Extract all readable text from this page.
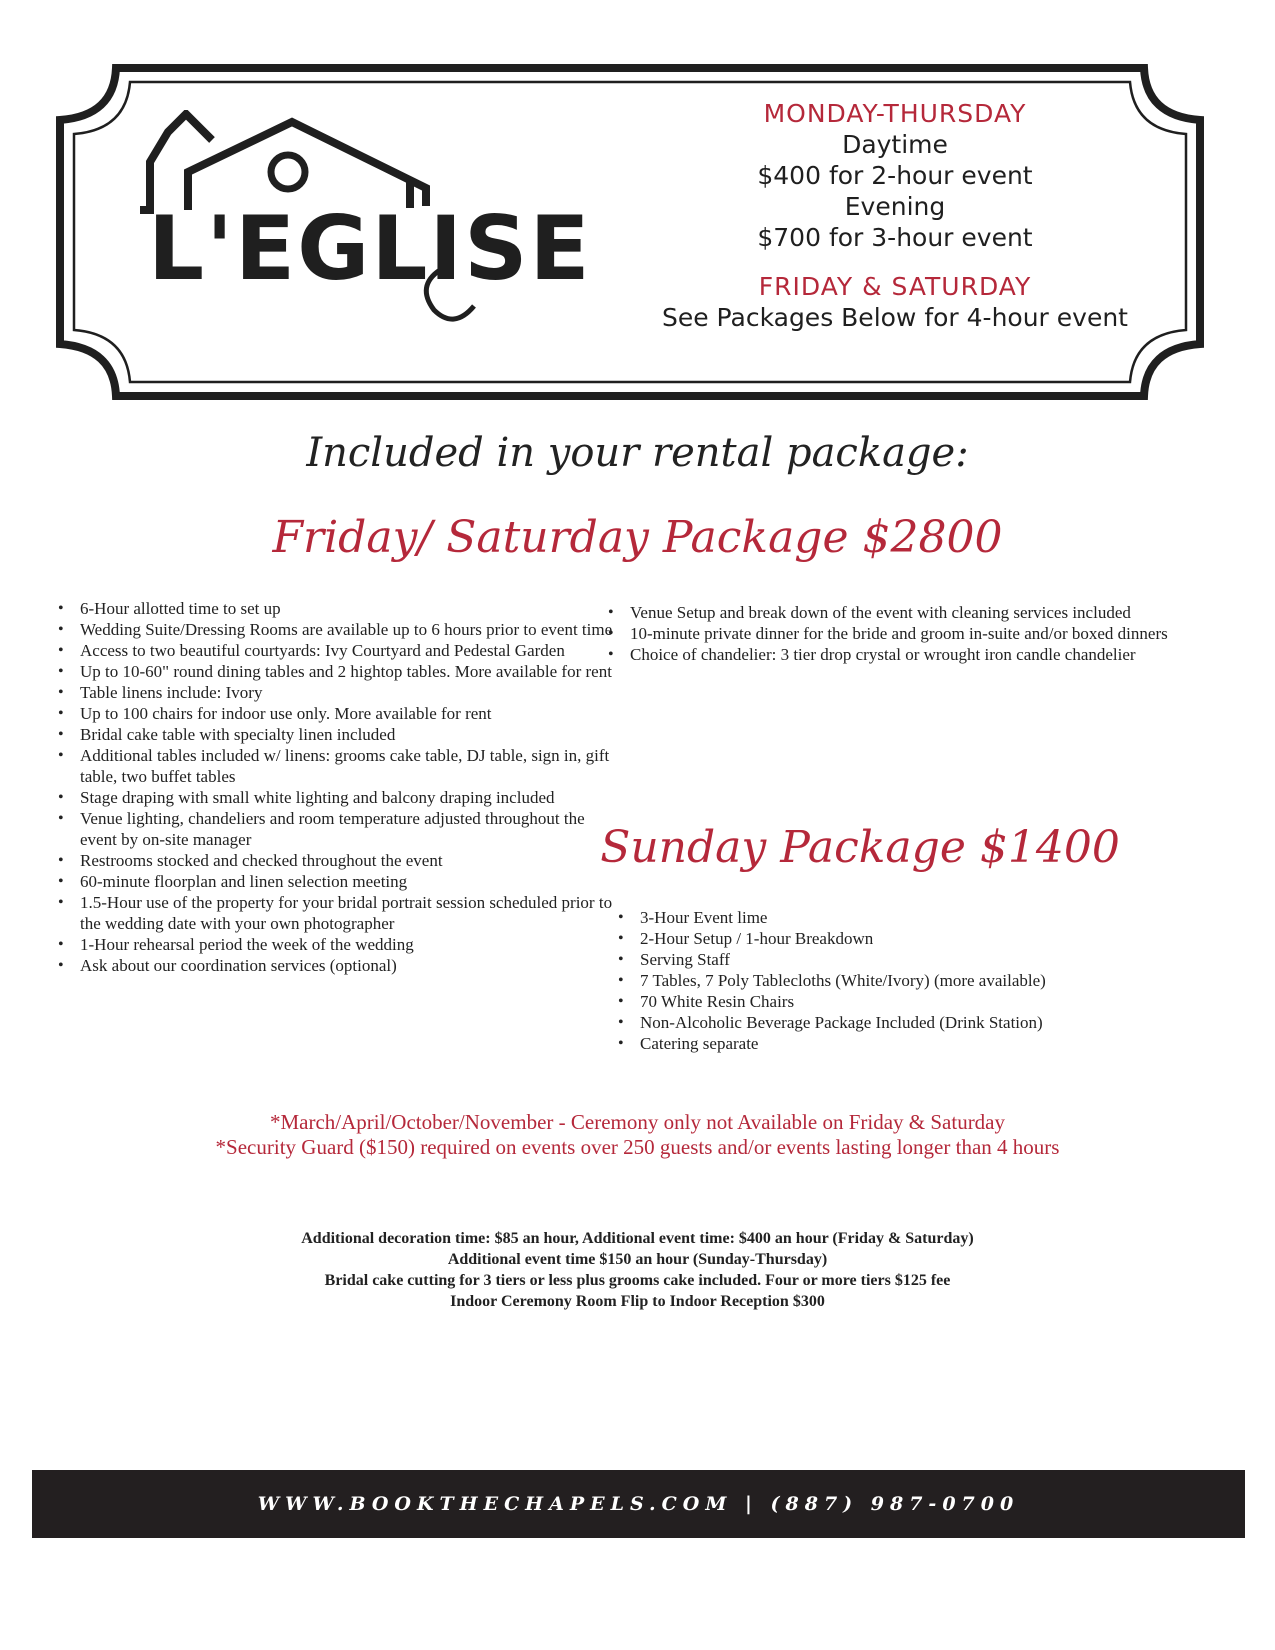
L'EGLISE
MONDAY-THURSDAY
Daytime
$400 for 2-hour event
Evening
$700 for 3-hour event
FRIDAY & SATURDAY
See Packages Below for 4-hour event
Included in your rental package:
Friday/ Saturday Package $2800
• 6-Hour allotted time to set up
• Wedding Suite/Dressing Rooms are available up to 6 hours prior to event time
• Access to two beautiful courtyards: Ivy Courtyard and Pedestal Garden
• Up to 10-60" round dining tables and 2 hightop tables. More available for rent
• Table linens include: Ivory
• Up to 100 chairs for indoor use only. More available for rent
• Bridal cake table with specialty linen included
• Additional tables included w/ linens: grooms cake table, DJ table, sign in, gift table, two buffet tables
• Stage draping with small white lighting and balcony draping included
• Venue lighting, chandeliers and room temperature adjusted throughout the event by on-site manager
• Restrooms stocked and checked throughout the event
• 60-minute floorplan and linen selection meeting
• 1.5-Hour use of the property for your bridal portrait session scheduled prior to the wedding date with your own photographer
• 1-Hour rehearsal period the week of the wedding
• Ask about our coordination services (optional)
• Venue Setup and break down of the event with cleaning services included
• 10-minute private dinner for the bride and groom in-suite and/or boxed dinners
• Choice of chandelier: 3 tier drop crystal or wrought iron candle chandelier
Sunday Package $1400
• 3-Hour Event lime
• 2-Hour Setup / 1-hour Breakdown
• Serving Staff
• 7 Tables, 7 Poly Tablecloths (White/Ivory) (more available)
• 70 White Resin Chairs
• Non-Alcoholic Beverage Package Included (Drink Station)
• Catering separate
*March/April/October/November - Ceremony only not Available on Friday & Saturday
*Security Guard ($150) required on events over 250 guests and/or events lasting longer than 4 hours
Additional decoration time: $85 an hour, Additional event time: $400 an hour (Friday & Saturday)
Additional event time $150 an hour (Sunday-Thursday)
Bridal cake cutting for 3 tiers or less plus grooms cake included. Four or more tiers $125 fee
Indoor Ceremony Room Flip to Indoor Reception $300
WWW.BOOKTHECHAPELS.COM | (887) 987-0700
